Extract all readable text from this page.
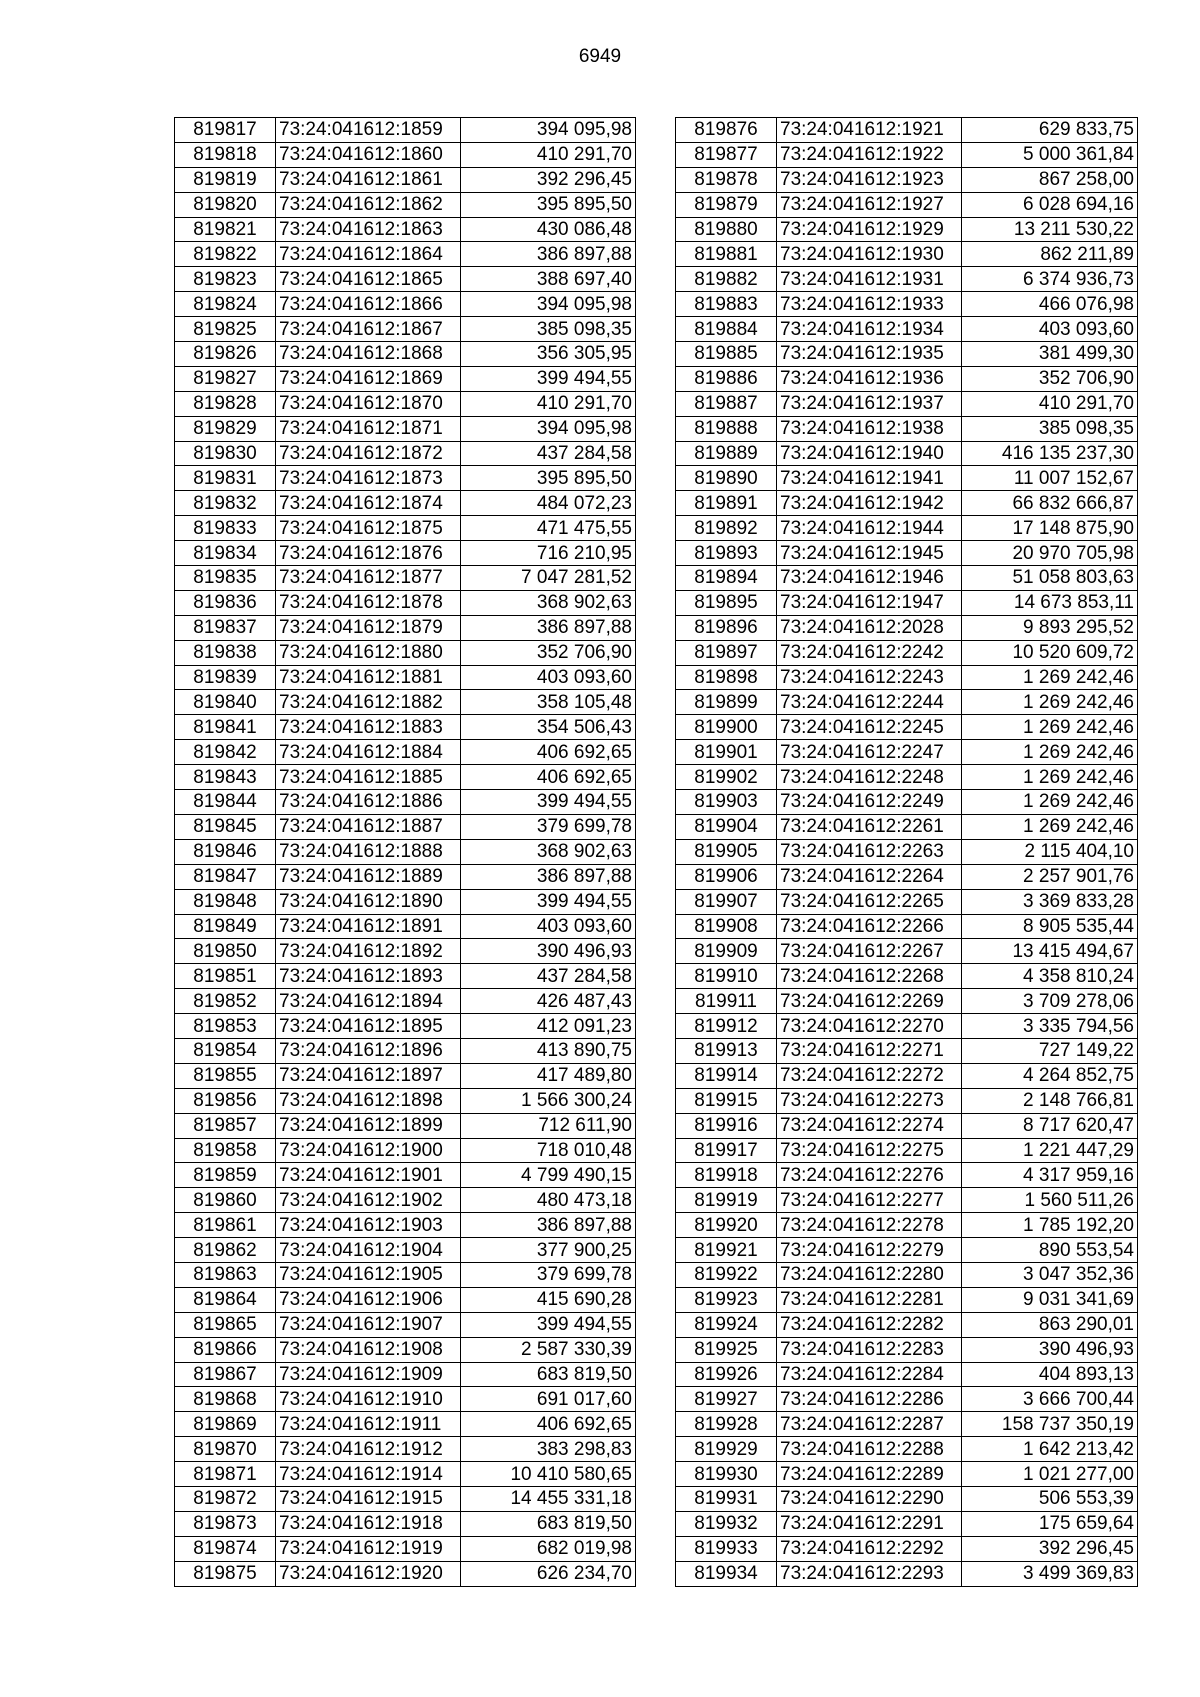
6949
819817	73:24:041612:1859	394 095,98
819818	73:24:041612:1860	410 291,70
819819	73:24:041612:1861	392 296,45
819820	73:24:041612:1862	395 895,50
819821	73:24:041612:1863	430 086,48
819822	73:24:041612:1864	386 897,88
819823	73:24:041612:1865	388 697,40
819824	73:24:041612:1866	394 095,98
819825	73:24:041612:1867	385 098,35
819826	73:24:041612:1868	356 305,95
819827	73:24:041612:1869	399 494,55
819828	73:24:041612:1870	410 291,70
819829	73:24:041612:1871	394 095,98
819830	73:24:041612:1872	437 284,58
819831	73:24:041612:1873	395 895,50
819832	73:24:041612:1874	484 072,23
819833	73:24:041612:1875	471 475,55
819834	73:24:041612:1876	716 210,95
819835	73:24:041612:1877	7 047 281,52
819836	73:24:041612:1878	368 902,63
819837	73:24:041612:1879	386 897,88
819838	73:24:041612:1880	352 706,90
819839	73:24:041612:1881	403 093,60
819840	73:24:041612:1882	358 105,48
819841	73:24:041612:1883	354 506,43
819842	73:24:041612:1884	406 692,65
819843	73:24:041612:1885	406 692,65
819844	73:24:041612:1886	399 494,55
819845	73:24:041612:1887	379 699,78
819846	73:24:041612:1888	368 902,63
819847	73:24:041612:1889	386 897,88
819848	73:24:041612:1890	399 494,55
819849	73:24:041612:1891	403 093,60
819850	73:24:041612:1892	390 496,93
819851	73:24:041612:1893	437 284,58
819852	73:24:041612:1894	426 487,43
819853	73:24:041612:1895	412 091,23
819854	73:24:041612:1896	413 890,75
819855	73:24:041612:1897	417 489,80
819856	73:24:041612:1898	1 566 300,24
819857	73:24:041612:1899	712 611,90
819858	73:24:041612:1900	718 010,48
819859	73:24:041612:1901	4 799 490,15
819860	73:24:041612:1902	480 473,18
819861	73:24:041612:1903	386 897,88
819862	73:24:041612:1904	377 900,25
819863	73:24:041612:1905	379 699,78
819864	73:24:041612:1906	415 690,28
819865	73:24:041612:1907	399 494,55
819866	73:24:041612:1908	2 587 330,39
819867	73:24:041612:1909	683 819,50
819868	73:24:041612:1910	691 017,60
819869	73:24:041612:1911	406 692,65
819870	73:24:041612:1912	383 298,83
819871	73:24:041612:1914	10 410 580,65
819872	73:24:041612:1915	14 455 331,18
819873	73:24:041612:1918	683 819,50
819874	73:24:041612:1919	682 019,98
819875	73:24:041612:1920	626 234,70
819876	73:24:041612:1921	629 833,75
819877	73:24:041612:1922	5 000 361,84
819878	73:24:041612:1923	867 258,00
819879	73:24:041612:1927	6 028 694,16
819880	73:24:041612:1929	13 211 530,22
819881	73:24:041612:1930	862 211,89
819882	73:24:041612:1931	6 374 936,73
819883	73:24:041612:1933	466 076,98
819884	73:24:041612:1934	403 093,60
819885	73:24:041612:1935	381 499,30
819886	73:24:041612:1936	352 706,90
819887	73:24:041612:1937	410 291,70
819888	73:24:041612:1938	385 098,35
819889	73:24:041612:1940	416 135 237,30
819890	73:24:041612:1941	11 007 152,67
819891	73:24:041612:1942	66 832 666,87
819892	73:24:041612:1944	17 148 875,90
819893	73:24:041612:1945	20 970 705,98
819894	73:24:041612:1946	51 058 803,63
819895	73:24:041612:1947	14 673 853,11
819896	73:24:041612:2028	9 893 295,52
819897	73:24:041612:2242	10 520 609,72
819898	73:24:041612:2243	1 269 242,46
819899	73:24:041612:2244	1 269 242,46
819900	73:24:041612:2245	1 269 242,46
819901	73:24:041612:2247	1 269 242,46
819902	73:24:041612:2248	1 269 242,46
819903	73:24:041612:2249	1 269 242,46
819904	73:24:041612:2261	1 269 242,46
819905	73:24:041612:2263	2 115 404,10
819906	73:24:041612:2264	2 257 901,76
819907	73:24:041612:2265	3 369 833,28
819908	73:24:041612:2266	8 905 535,44
819909	73:24:041612:2267	13 415 494,67
819910	73:24:041612:2268	4 358 810,24
819911	73:24:041612:2269	3 709 278,06
819912	73:24:041612:2270	3 335 794,56
819913	73:24:041612:2271	727 149,22
819914	73:24:041612:2272	4 264 852,75
819915	73:24:041612:2273	2 148 766,81
819916	73:24:041612:2274	8 717 620,47
819917	73:24:041612:2275	1 221 447,29
819918	73:24:041612:2276	4 317 959,16
819919	73:24:041612:2277	1 560 511,26
819920	73:24:041612:2278	1 785 192,20
819921	73:24:041612:2279	890 553,54
819922	73:24:041612:2280	3 047 352,36
819923	73:24:041612:2281	9 031 341,69
819924	73:24:041612:2282	863 290,01
819925	73:24:041612:2283	390 496,93
819926	73:24:041612:2284	404 893,13
819927	73:24:041612:2286	3 666 700,44
819928	73:24:041612:2287	158 737 350,19
819929	73:24:041612:2288	1 642 213,42
819930	73:24:041612:2289	1 021 277,00
819931	73:24:041612:2290	506 553,39
819932	73:24:041612:2291	175 659,64
819933	73:24:041612:2292	392 296,45
819934	73:24:041612:2293	3 499 369,83
